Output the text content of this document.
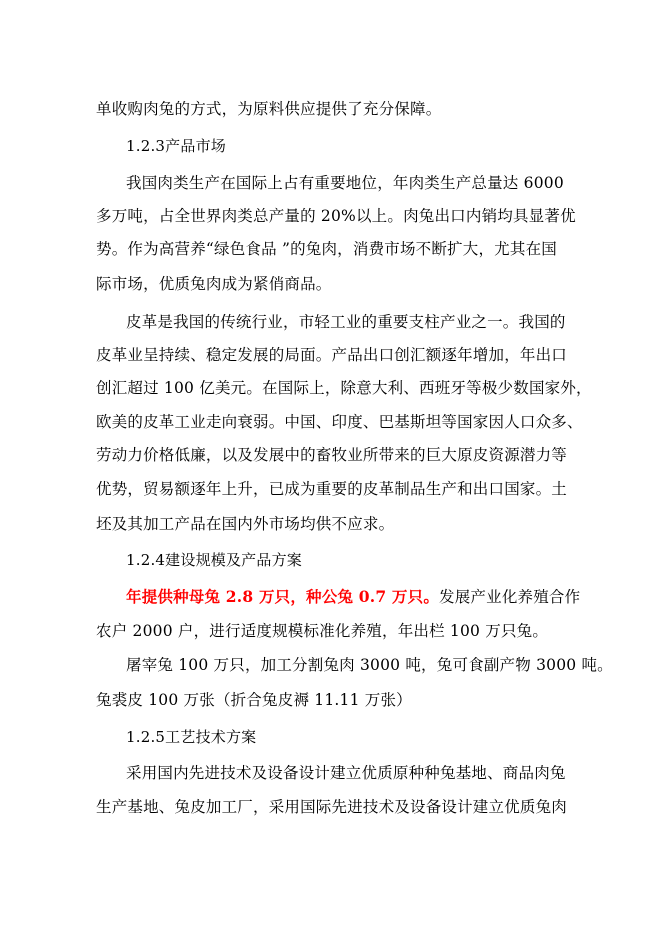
单收购肉兔的方式，为原料供应提供了充分保障。
1.2.3产品市场
我国肉类生产在国际上占有重要地位，年肉类生产总量达 6000
多万吨，占全世界肉类总产量的 20%以上。肉兔出口内销均具显著优
势。作为高营养“绿色食品 ”的兔肉，消费市场不断扩大，尤其在国
际市场，优质兔肉成为紧俏商品。
皮革是我国的传统行业，市轻工业的重要支柱产业之一。我国的
皮革业呈持续、稳定发展的局面。产品出口创汇额逐年增加，年出口
创汇超过 100 亿美元。在国际上，除意大利、西班牙等极少数国家外，
欧美的皮革工业走向衰弱。中国、印度、巴基斯坦等国家因人口众多、
劳动力价格低廉，以及发展中的畜牧业所带来的巨大原皮资源潜力等
优势，贸易额逐年上升，已成为重要的皮革制品生产和出口国家。土
坯及其加工产品在国内外市场均供不应求。
1.2.4建设规模及产品方案
年提供种母兔 2.8 万只，种公兔 0.7 万只。发展产业化养殖合作
农户 2000 户，进行适度规模标准化养殖，年出栏 100 万只兔。
屠宰兔 100 万只，加工分割兔肉 3000 吨，兔可食副产物 3000 吨。
兔裘皮 100 万张（折合兔皮褥 11.11 万张）
1.2.5工艺技术方案
采用国内先进技术及设备设计建立优质原种种兔基地、商品肉兔
生产基地、兔皮加工厂，采用国际先进技术及设备设计建立优质兔肉
